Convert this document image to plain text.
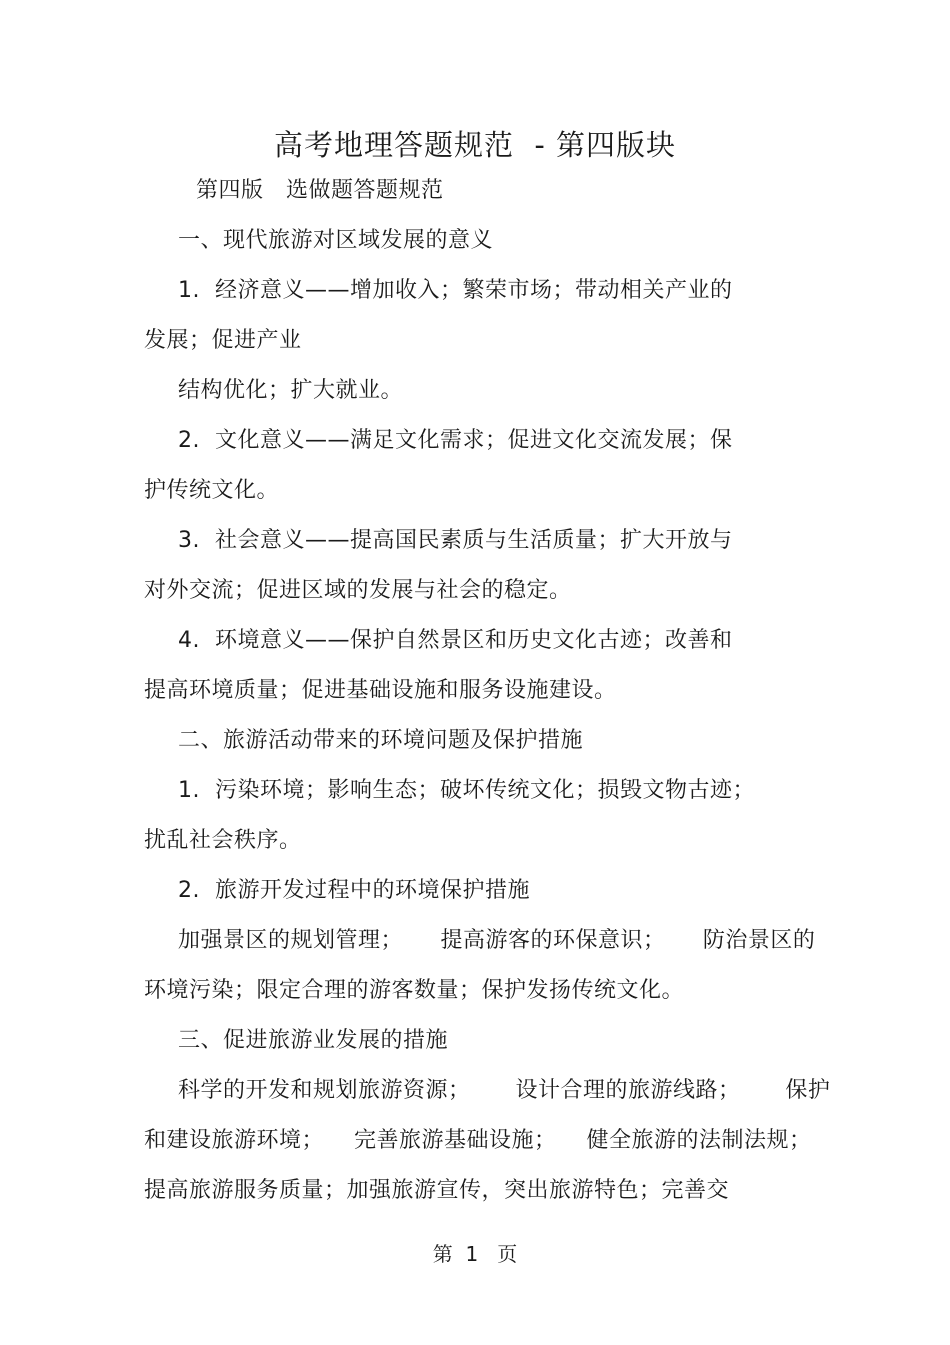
高考地理答题规范  - 第四版块
第四版   选做题答题规范
一、现代旅游对区域发展的意义
1.  经济意义——增加收入；繁荣市场；带动相关产业的
发展；促进产业
结构优化；扩大就业。
2.  文化意义——满足文化需求；促进文化交流发展；保
护传统文化。
3.  社会意义——提高国民素质与生活质量；扩大开放与
对外交流；促进区域的发展与社会的稳定。
4.  环境意义——保护自然景区和历史文化古迹；改善和
提高环境质量；促进基础设施和服务设施建设。
二、旅游活动带来的环境问题及保护措施
1.  污染环境；影响生态；破坏传统文化；损毁文物古迹；
扰乱社会秩序。
2.  旅游开发过程中的环境保护措施
加强景区的规划管理；     提高游客的环保意识；     防治景区的
环境污染；限定合理的游客数量；保护发扬传统文化。
三、促进旅游业发展的措施
科学的开发和规划旅游资源；      设计合理的旅游线路；      保护
和建设旅游环境；    完善旅游基础设施；    健全旅游的法制法规；
提高旅游服务质量；加强旅游宣传，突出旅游特色；完善交
第  1   页
